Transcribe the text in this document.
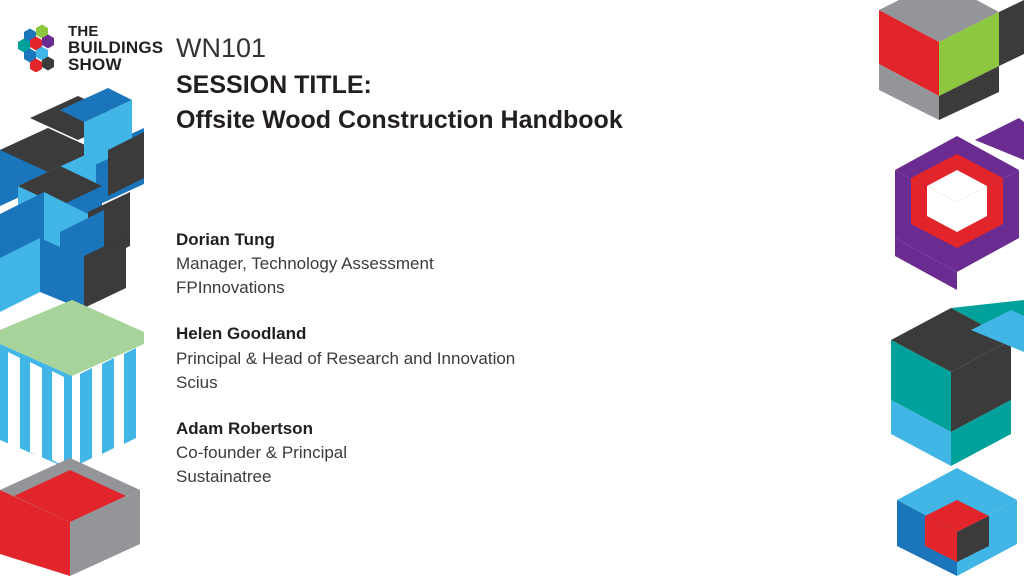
THE
BUILDINGS
SHOW
WN101
SESSION TITLE:
Offsite Wood Construction Handbook
Dorian Tung
Manager, Technology Assessment
FPInnovations
Helen Goodland
Principal & Head of Research and Innovation
Scius
Adam Robertson
Co-founder & Principal
Sustainatree
